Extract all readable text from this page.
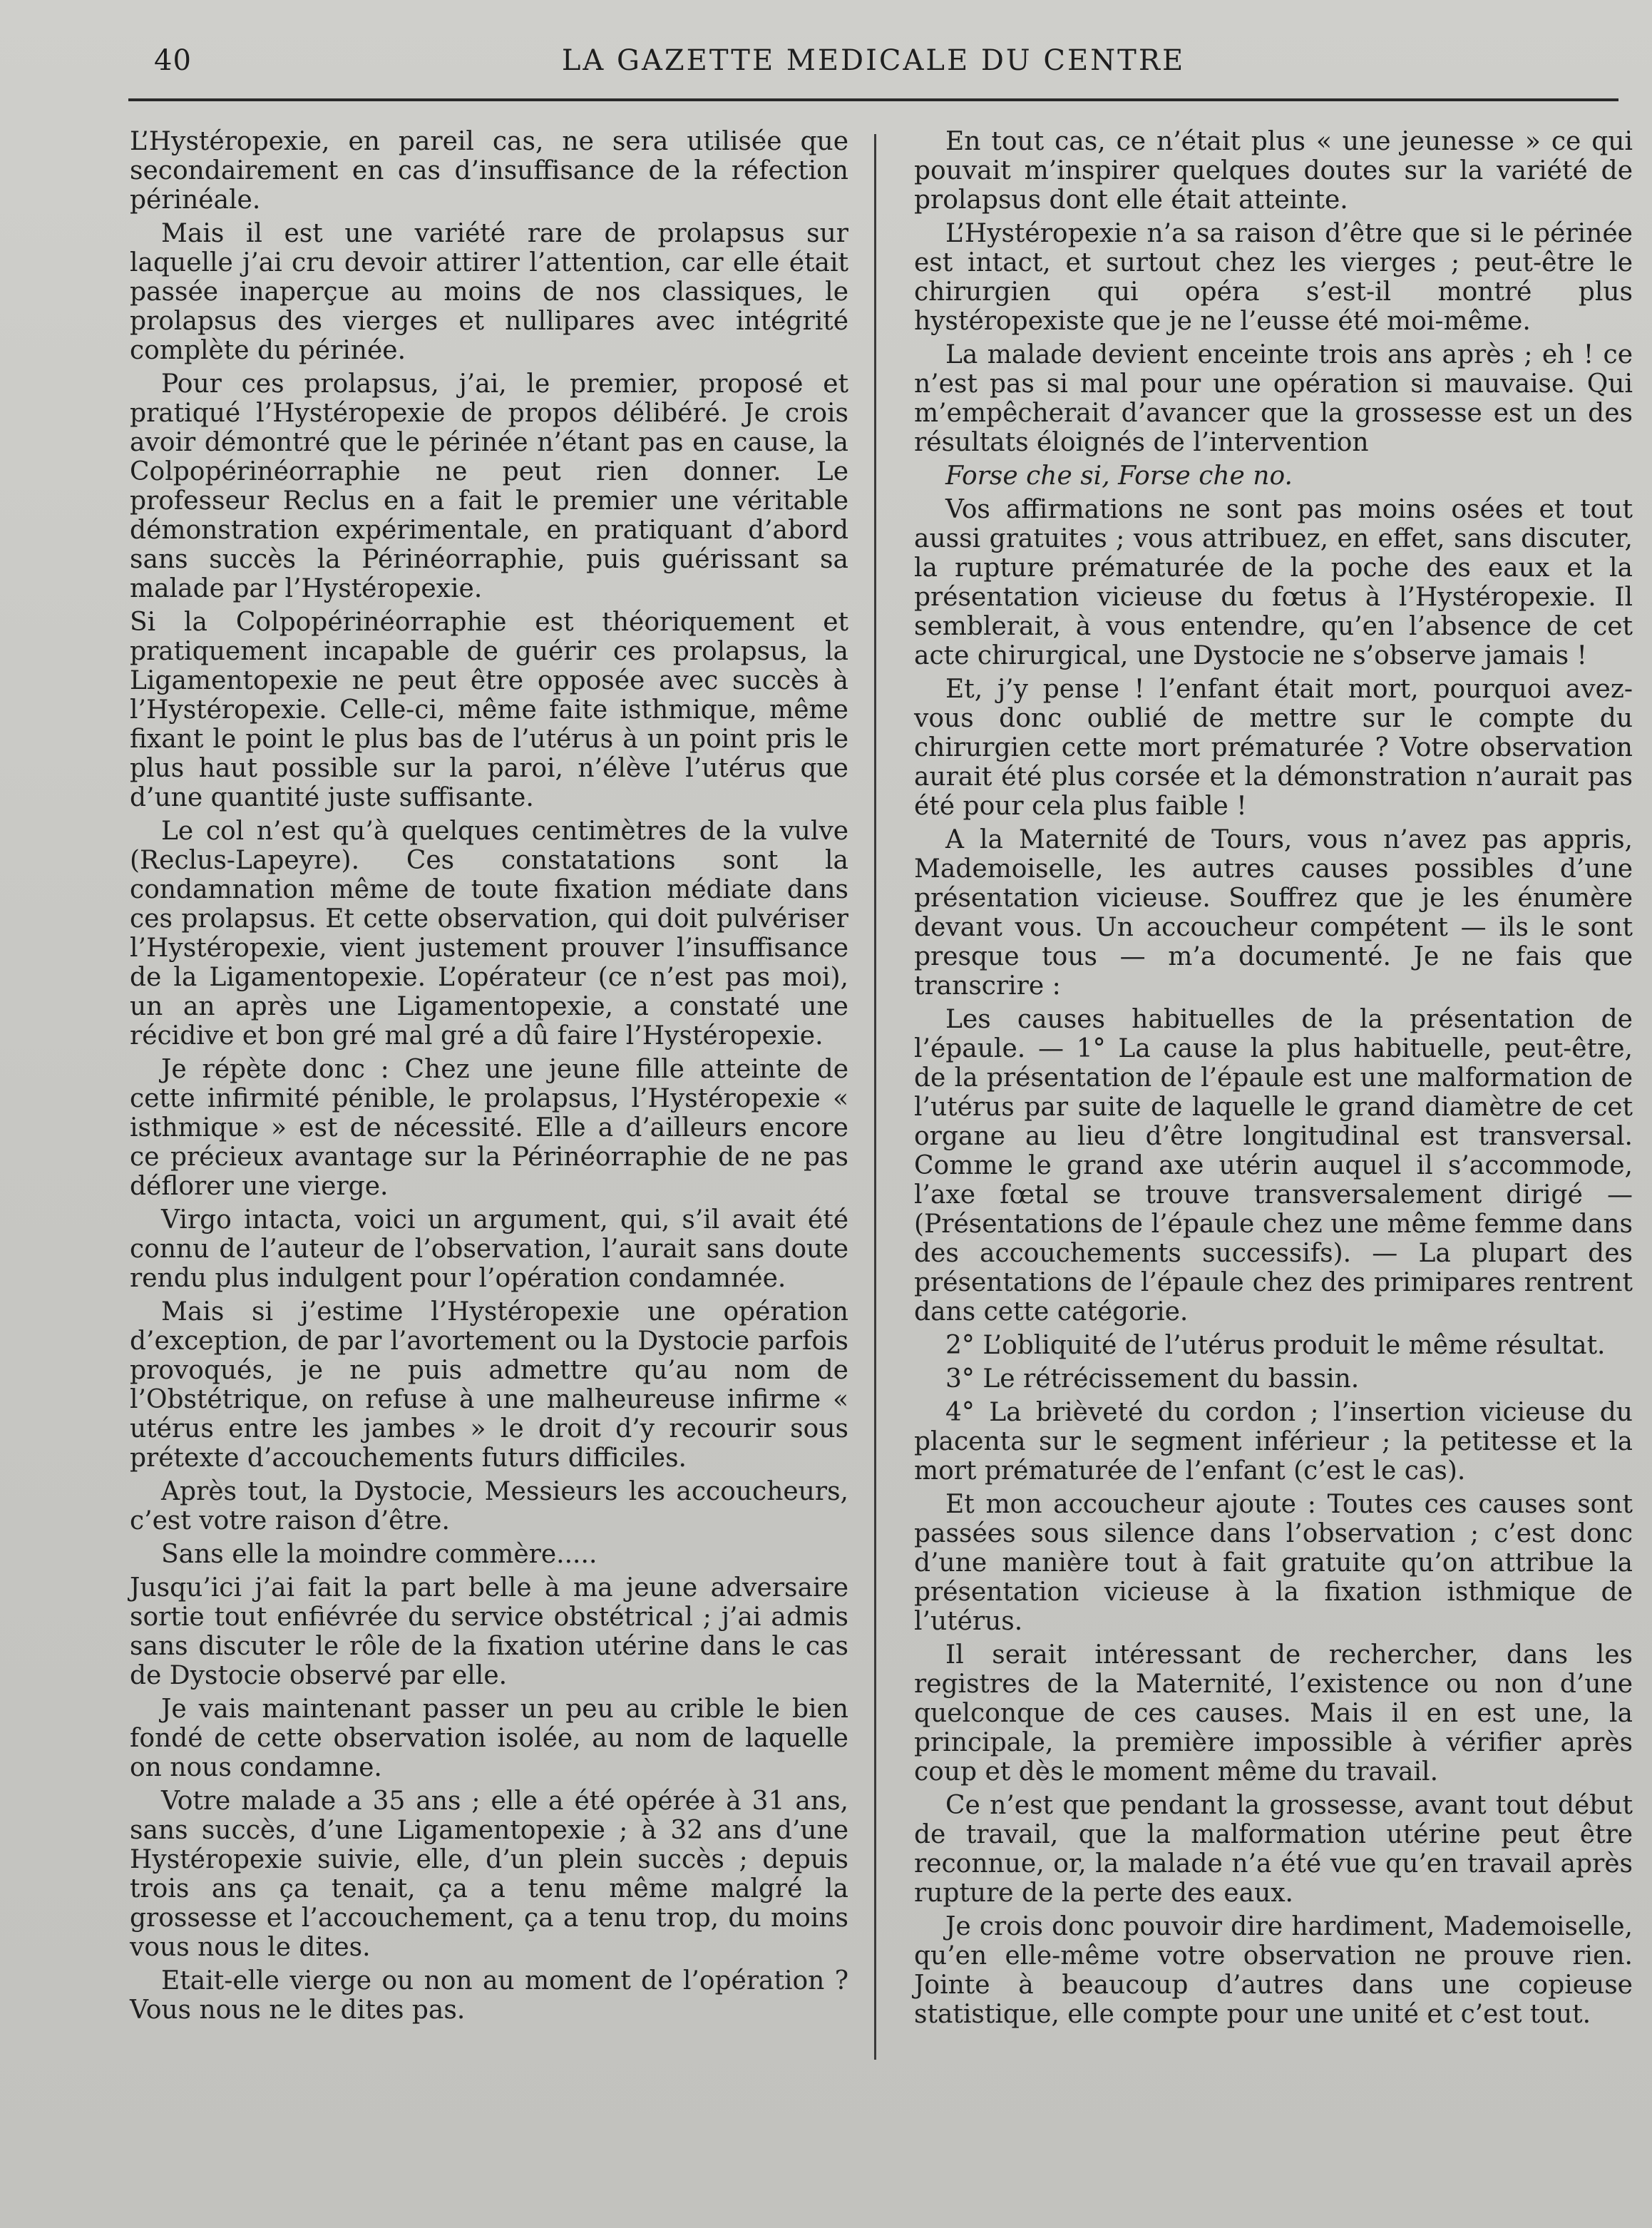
40	LA GAZETTE MEDICALE DU CENTRE

L’Hystéropexie, en pareil cas, ne sera utilisée que secondairement en cas d’insuffisance de la réfection périnéale.

Mais il est une variété rare de prolapsus sur laquelle j’ai cru devoir attirer l’attention, car elle était passée inaperçue au moins de nos classiques, le prolapsus des vierges et nullipares avec intégrité complète du périnée.

Pour ces prolapsus, j’ai, le premier, proposé et pratiqué l’Hystéropexie de propos délibéré. Je crois avoir démontré que le périnée n’étant pas en cause, la Colpopérinéorraphie ne peut rien donner. Le professeur Reclus en a fait le premier une véritable démonstration expérimentale, en pratiquant d’abord sans succès la Périnéorraphie, puis guérissant sa malade par l’Hystéropexie.

Si la Colpopérinéorraphie est théoriquement et pratiquement incapable de guérir ces prolapsus, la Ligamentopexie ne peut être opposée avec succès à l’Hystéropexie. Celle-ci, même faite isthmique, même fixant le point le plus bas de l’utérus à un point pris le plus haut possible sur la paroi, n’élève l’utérus que d’une quantité juste suffisante.

Le col n’est qu’à quelques centimètres de la vulve (Reclus-Lapeyre). Ces constatations sont la condamnation même de toute fixation médiate dans ces prolapsus. Et cette observation, qui doit pulvériser l’Hystéropexie, vient justement prouver l’insuffisance de la Ligamentopexie. L’opérateur (ce n’est pas moi), un an après une Ligamentopexie, a constaté une récidive et bon gré mal gré a dû faire l’Hystéropexie.

Je répète donc : Chez une jeune fille atteinte de cette infirmité pénible, le prolapsus, l’Hystéropexie « isthmique » est de nécessité. Elle a d’ailleurs encore ce précieux avantage sur la Périnéorraphie de ne pas déflorer une vierge.

Virgo intacta, voici un argument, qui, s’il avait été connu de l’auteur de l’observation, l’aurait sans doute rendu plus indulgent pour l’opération condamnée.

Mais si j’estime l’Hystéropexie une opération d’exception, de par l’avortement ou la Dystocie parfois provoqués, je ne puis admettre qu’au nom de l’Obstétrique, on refuse à une malheureuse infirme « utérus entre les jambes » le droit d’y recourir sous prétexte d’accouchements futurs difficiles.

Après tout, la Dystocie, Messieurs les accoucheurs, c’est votre raison d’être.

Sans elle la moindre commère.....

Jusqu’ici j’ai fait la part belle à ma jeune adversaire sortie tout enfiévrée du service obstétrical ; j’ai admis sans discuter le rôle de la fixation utérine dans le cas de Dystocie observé par elle.

Je vais maintenant passer un peu au crible le bien fondé de cette observation isolée, au nom de laquelle on nous condamne.

Votre malade a 35 ans ; elle a été opérée à 31 ans, sans succès, d’une Ligamentopexie ; à 32 ans d’une Hystéropexie suivie, elle, d’un plein succès ; depuis trois ans ça tenait, ça a tenu même malgré la grossesse et l’accouchement, ça a tenu trop, du moins vous nous le dites.

Etait-elle vierge ou non au moment de l’opération ? Vous nous ne le dites pas.

En tout cas, ce n’était plus « une jeunesse » ce qui pouvait m’inspirer quelques doutes sur la variété de prolapsus dont elle était atteinte.

L’Hystéropexie n’a sa raison d’être que si le périnée est intact, et surtout chez les vierges ; peut-être le chirurgien qui opéra s’est-il montré plus hystéropexiste que je ne l’eusse été moi-même.

La malade devient enceinte trois ans après ; eh ! ce n’est pas si mal pour une opération si mauvaise. Qui m’empêcherait d’avancer que la grossesse est un des résultats éloignés de l’intervention

Forse che si, Forse che no.

Vos affirmations ne sont pas moins osées et tout aussi gratuites ; vous attribuez, en effet, sans discuter, la rupture prématurée de la poche des eaux et la présentation vicieuse du fœtus à l’Hystéropexie. Il semblerait, à vous entendre, qu’en l’absence de cet acte chirurgical, une Dystocie ne s’observe jamais !

Et, j’y pense ! l’enfant était mort, pourquoi avez-vous donc oublié de mettre sur le compte du chirurgien cette mort prématurée ? Votre observation aurait été plus corsée et la démonstration n’aurait pas été pour cela plus faible !

A la Maternité de Tours, vous n’avez pas appris, Mademoiselle, les autres causes possibles d’une présentation vicieuse. Souffrez que je les énumère devant vous. Un accoucheur compétent — ils le sont presque tous — m’a documenté. Je ne fais que transcrire :

Les causes habituelles de la présentation de l’épaule. — 1° La cause la plus habituelle, peut-être, de la présentation de l’épaule est une malformation de l’utérus par suite de laquelle le grand diamètre de cet organe au lieu d’être longitudinal est transversal. Comme le grand axe utérin auquel il s’accommode, l’axe fœtal se trouve transversalement dirigé — (Présentations de l’épaule chez une même femme dans des accouchements successifs). — La plupart des présentations de l’épaule chez des primipares rentrent dans cette catégorie.

2° L’obliquité de l’utérus produit le même résultat.

3° Le rétrécissement du bassin.

4° La brièveté du cordon ; l’insertion vicieuse du placenta sur le segment inférieur ; la petitesse et la mort prématurée de l’enfant (c’est le cas).

Et mon accoucheur ajoute : Toutes ces causes sont passées sous silence dans l’observation ; c’est donc d’une manière tout à fait gratuite qu’on attribue la présentation vicieuse à la fixation isthmique de l’utérus.

Il serait intéressant de rechercher, dans les registres de la Maternité, l’existence ou non d’une quelconque de ces causes. Mais il en est une, la principale, la première impossible à vérifier après coup et dès le moment même du travail.

Ce n’est que pendant la grossesse, avant tout début de travail, que la malformation utérine peut être reconnue, or, la malade n’a été vue qu’en travail après rupture de la perte des eaux.

Je crois donc pouvoir dire hardiment, Mademoiselle, qu’en elle-même votre observation ne prouve rien. Jointe à beaucoup d’autres dans une copieuse statistique, elle compte pour une unité et c’est tout.
